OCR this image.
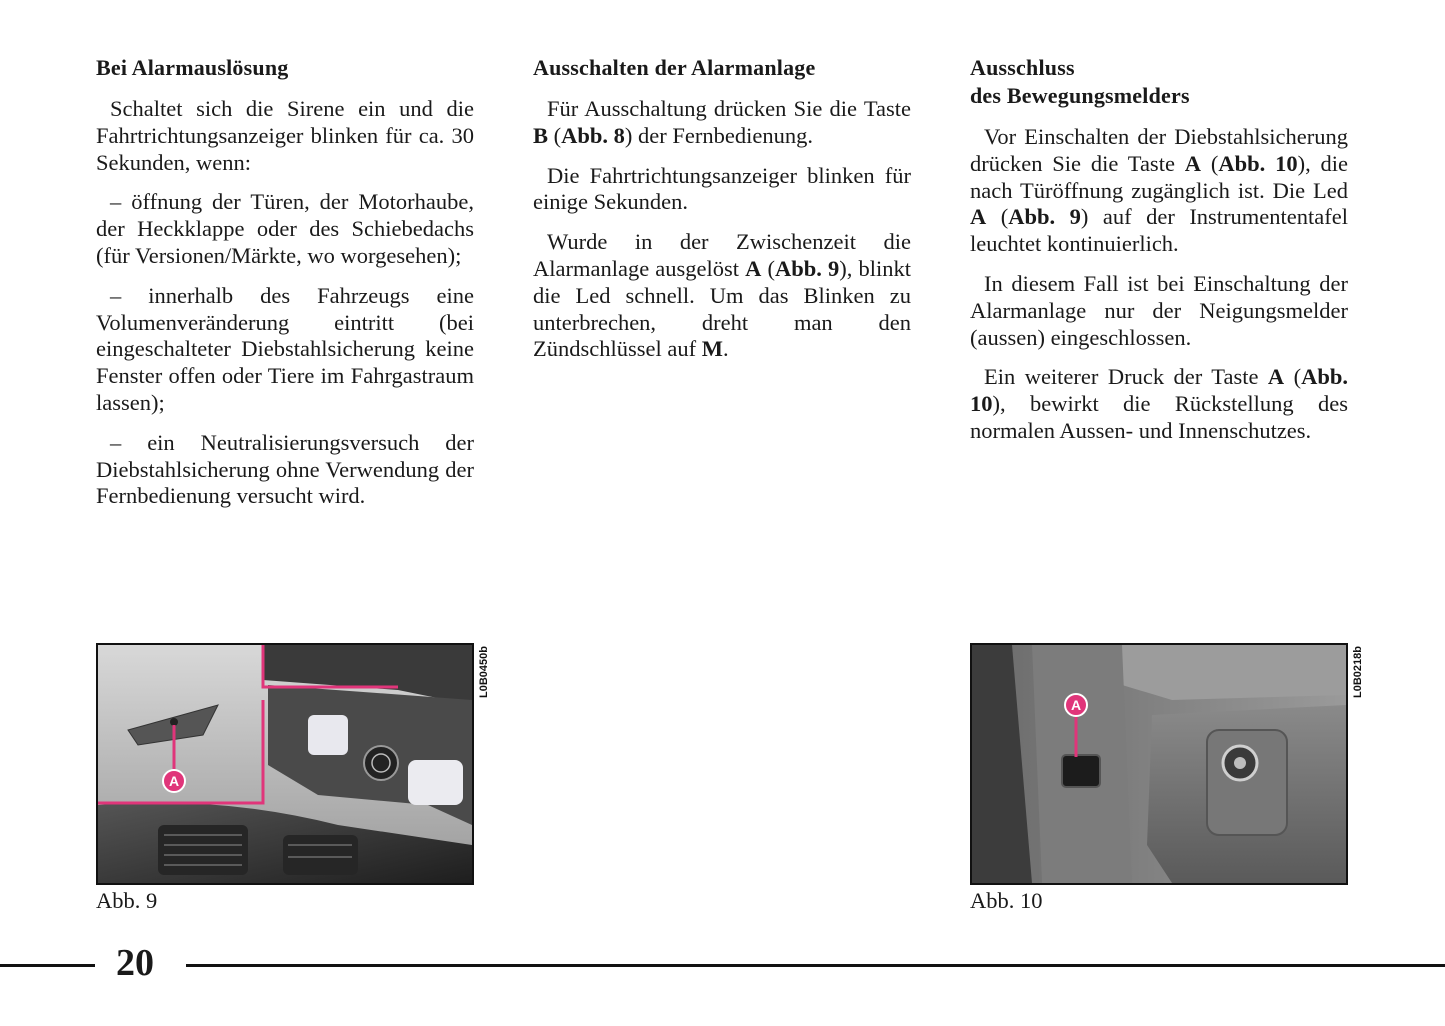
Bei Alarmauslösung

Schaltet sich die Sirene ein und die Fahrtrichtungsanzeiger blinken für ca. 30 Sekunden, wenn:

– öffnung der Türen, der Motorhaube, der Heckklappe oder des Schiebedachs (für Versionen/Märkte, wo worgesehen);

– innerhalb des Fahrzeugs eine Volumenveränderung eintritt (bei eingeschalteter Diebstahlsicherung keine Fenster offen oder Tiere im Fahrgastraum lassen);

– ein Neutralisierungsversuch der Diebstahlsicherung ohne Verwendung der Fernbedienung versucht wird.

Ausschalten der Alarmanlage

Für Ausschaltung drücken Sie die Taste B (Abb. 8) der Fernbedienung.

Die Fahrtrichtungsanzeiger blinken für einige Sekunden.

Wurde in der Zwischenzeit die Alarmanlage ausgelöst A (Abb. 9), blinkt die Led schnell. Um das Blinken zu unterbrechen, dreht man den Zündschlüssel auf M.

Ausschluss
des Bewegungsmelders

Vor Einschalten der Diebstahlsicherung drücken Sie die Taste A (Abb. 10), die nach Türöffnung zugänglich ist. Die Led A (Abb. 9) auf der Instrumententafel leuchtet kontinuierlich.

In diesem Fall ist bei Einschaltung der Alarmanlage nur der Neigungsmelder (aussen) eingeschlossen.

Ein weiterer Druck der Taste A (Abb. 10), bewirkt die Rückstellung des normalen Aussen- und Innenschutzes.

A
L0B0450b
Abb. 9
A
L0B0218b
Abb. 10
20
